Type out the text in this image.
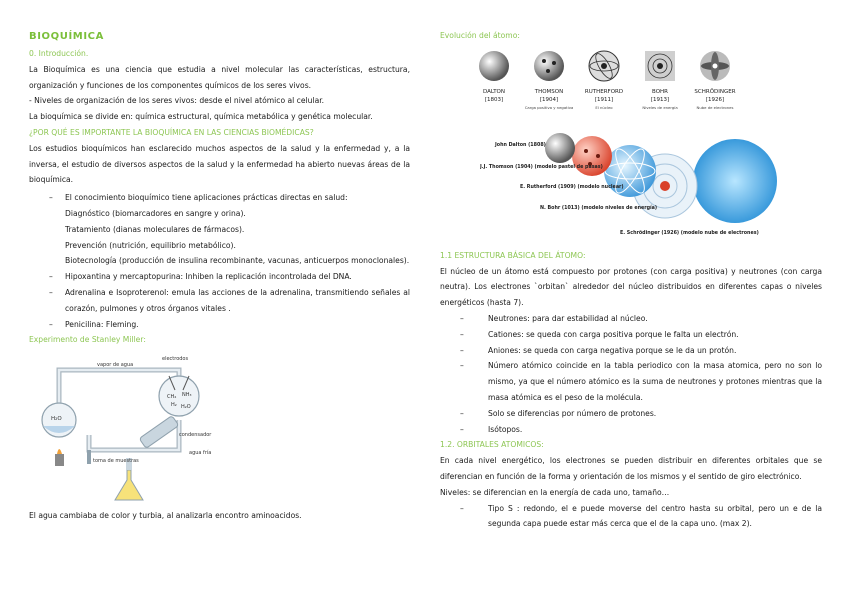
BIOQUÍMICA

0. Introducción.

La Bioquímica es una ciencia que estudia a nivel molecular las características, estructura, organización y funciones de los componentes químicos de los seres vivos.

- Niveles de organización de los seres vivos: desde el nivel atómico al celular.

La bioquímica se divide en: química estructural, química metabólica y genética molecular.

¿POR QUÉ ES IMPORTANTE LA BIOQUÍMICA EN LAS CIENCIAS BIOMÉDICAS?

Los estudios bioquímicos han esclarecido muchos aspectos de la salud y la enfermedad y, a la inversa, el estudio de diversos aspectos de la salud y la enfermedad ha abierto nuevas áreas de la bioquímica.

– El conocimiento bioquímico tiene aplicaciones prácticas directas en salud:
Diagnóstico (biomarcadores en sangre y orina).
Tratamiento (dianas moleculares de fármacos).
Prevención (nutrición, equilibrio metabólico).
Biotecnología (producción de insulina recombinante, vacunas, anticuerpos monoclonales).
– Hipoxantina y mercaptopurina: Inhiben la replicación incontrolada del DNA.
– Adrenalina e Isoproterenol: emula las acciones de la adrenalina, transmitiendo señales al corazón, pulmones y otros órganos vitales .
– Penicilina: Fleming.

Experimento de Stanley Miller:

CH₄ NH₃
H₂ H₂O
H₂O
electrodos
vapor de agua
condensador
toma de muestras
agua fría

El agua cambiaba de color y turbia, al analizarla encontro aminoacidos.

Evolución del átomo:

DALTON
[1803]
THOMSON
[1904]
Carga positiva y negativa
RUTHERFORD
[1911]
El núcleo
BOHR
[1913]
Niveles de energía
SCHRÖDINGER
[1926]
Nube de electrones
John Dalton (1808)
J.J. Thomson (1904) (modelo pastel de pasas)
E. Rutherford (1909) (modelo nuclear)
N. Bohr (1013) (modelo niveles de energía)
E. Schrödinger (1926) (modelo nube de electrones)

1.1 ESTRUCTURA BÁSICA DEL ÁTOMO:

El núcleo de un átomo está compuesto por protones (con carga positiva) y neutrones (con carga neutra). Los electrones `orbitan` alrededor del núcleo distribuidos en diferentes capas o niveles energéticos (hasta 7).

– Neutrones: para dar estabilidad al núcleo.
– Cationes: se queda con carga positiva porque le falta un electrón.
– Aniones: se queda con carga negativa porque se le da un protón.
– Número atómico coincide en la tabla periodico con la masa atomica, pero no son lo mismo, ya que el número atómico es la suma de neutrones y protones mientras que la masa atómica es el peso de la molécula.
– Solo se diferencias por número de protones.
– Isótopos.

1.2. ORBITALES ATOMICOS:

En cada nivel energético, los electrones se pueden distribuir en diferentes orbitales que se diferencian en función de la forma y orientación de los mismos y el sentido de giro electrónico.

Niveles: se diferencian en la energía de cada uno, tamaño…

– Tipo S : redondo, el e puede moverse del centro hasta su orbital, pero un e de la segunda capa puede estar más cerca que el de la capa uno. (max 2).
